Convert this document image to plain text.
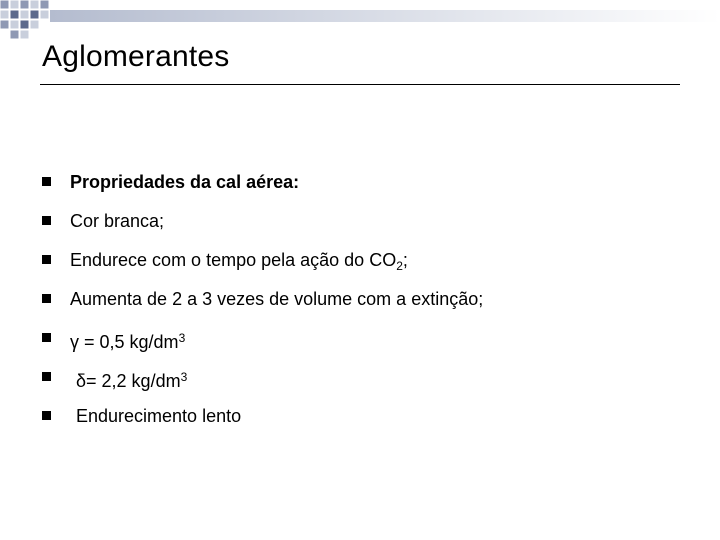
Aglomerantes
Propriedades da cal aérea:
Cor branca;
Endurece com o tempo pela ação do $CO_2$;
Aumenta de 2 a 3 vezes de volume com a extinção;
γ = 0,5 $kg/dm^3$
δ= 2,2 $kg/dm^3$
Endurecimento lento
